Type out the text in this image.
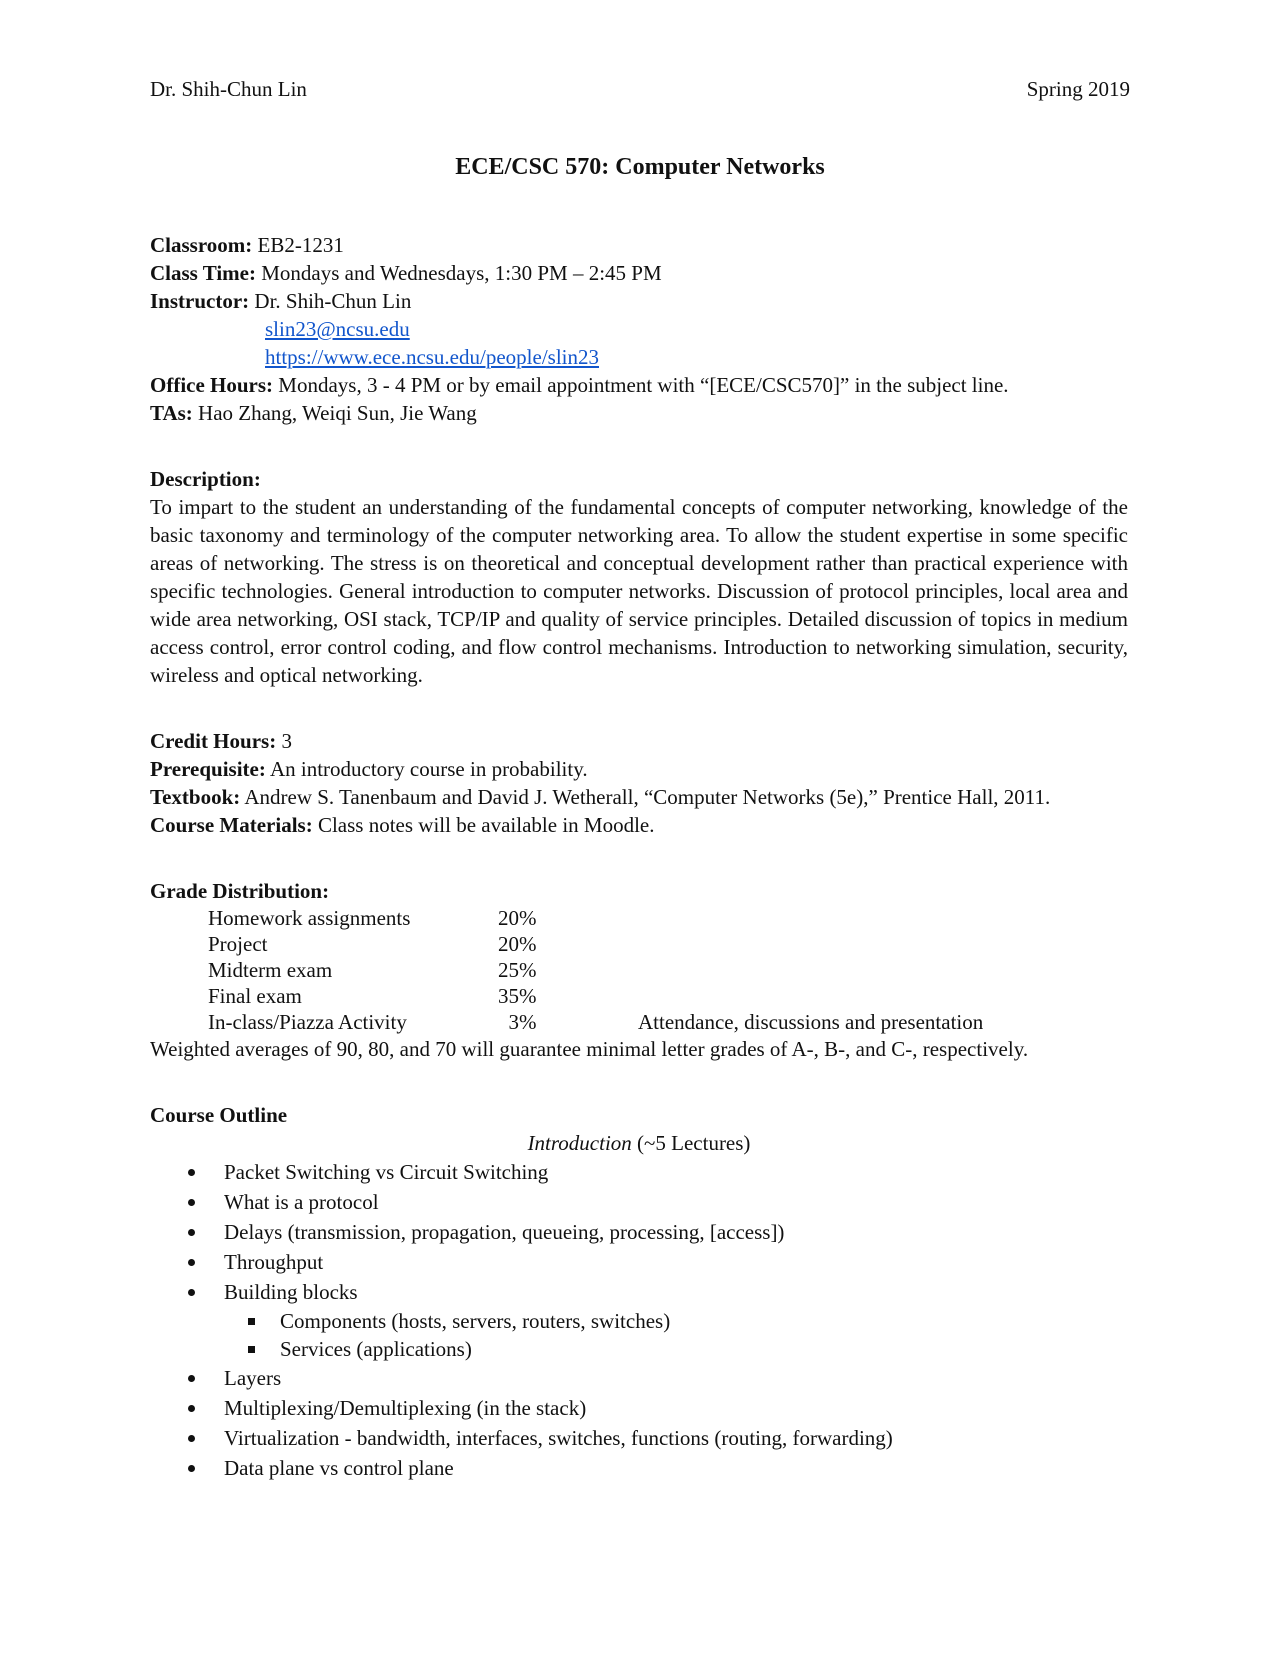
Dr. Shih-Chun Lin	Spring 2019
ECE/CSC 570: Computer Networks
Classroom: EB2-1231
Class Time: Mondays and Wednesdays, 1:30 PM – 2:45 PM
Instructor: Dr. Shih-Chun Lin
slin23@ncsu.edu
https://www.ece.ncsu.edu/people/slin23
Office Hours: Mondays, 3 - 4 PM or by email appointment with “[ECE/CSC570]” in the subject line.
TAs: Hao Zhang, Weiqi Sun, Jie Wang
Description:
To impart to the student an understanding of the fundamental concepts of computer networking, knowledge of the basic taxonomy and terminology of the computer networking area. To allow the student expertise in some specific areas of networking. The stress is on theoretical and conceptual development rather than practical experience with specific technologies. General introduction to computer networks. Discussion of protocol principles, local area and wide area networking, OSI stack, TCP/IP and quality of service principles. Detailed discussion of topics in medium access control, error control coding, and flow control mechanisms. Introduction to networking simulation, security, wireless and optical networking.
Credit Hours: 3
Prerequisite: An introductory course in probability.
Textbook: Andrew S. Tanenbaum and David J. Wetherall, “Computer Networks (5e),” Prentice Hall, 2011.
Course Materials: Class notes will be available in Moodle.
Grade Distribution:
Homework assignments	20%	
Project	20%	
Midterm exam	25%	
Final exam	35%	
In-class/Piazza Activity	3%	Attendance, discussions and presentation
Weighted averages of 90, 80, and 70 will guarantee minimal letter grades of A-, B-, and C-, respectively.
Course Outline
Introduction (~5 Lectures)
Packet Switching vs Circuit Switching
What is a protocol
Delays (transmission, propagation, queueing, processing, [access])
Throughput
Building blocks
Components (hosts, servers, routers, switches)
Services (applications)
Layers
Multiplexing/Demultiplexing (in the stack)
Virtualization - bandwidth, interfaces, switches, functions (routing, forwarding)
Data plane vs control plane
